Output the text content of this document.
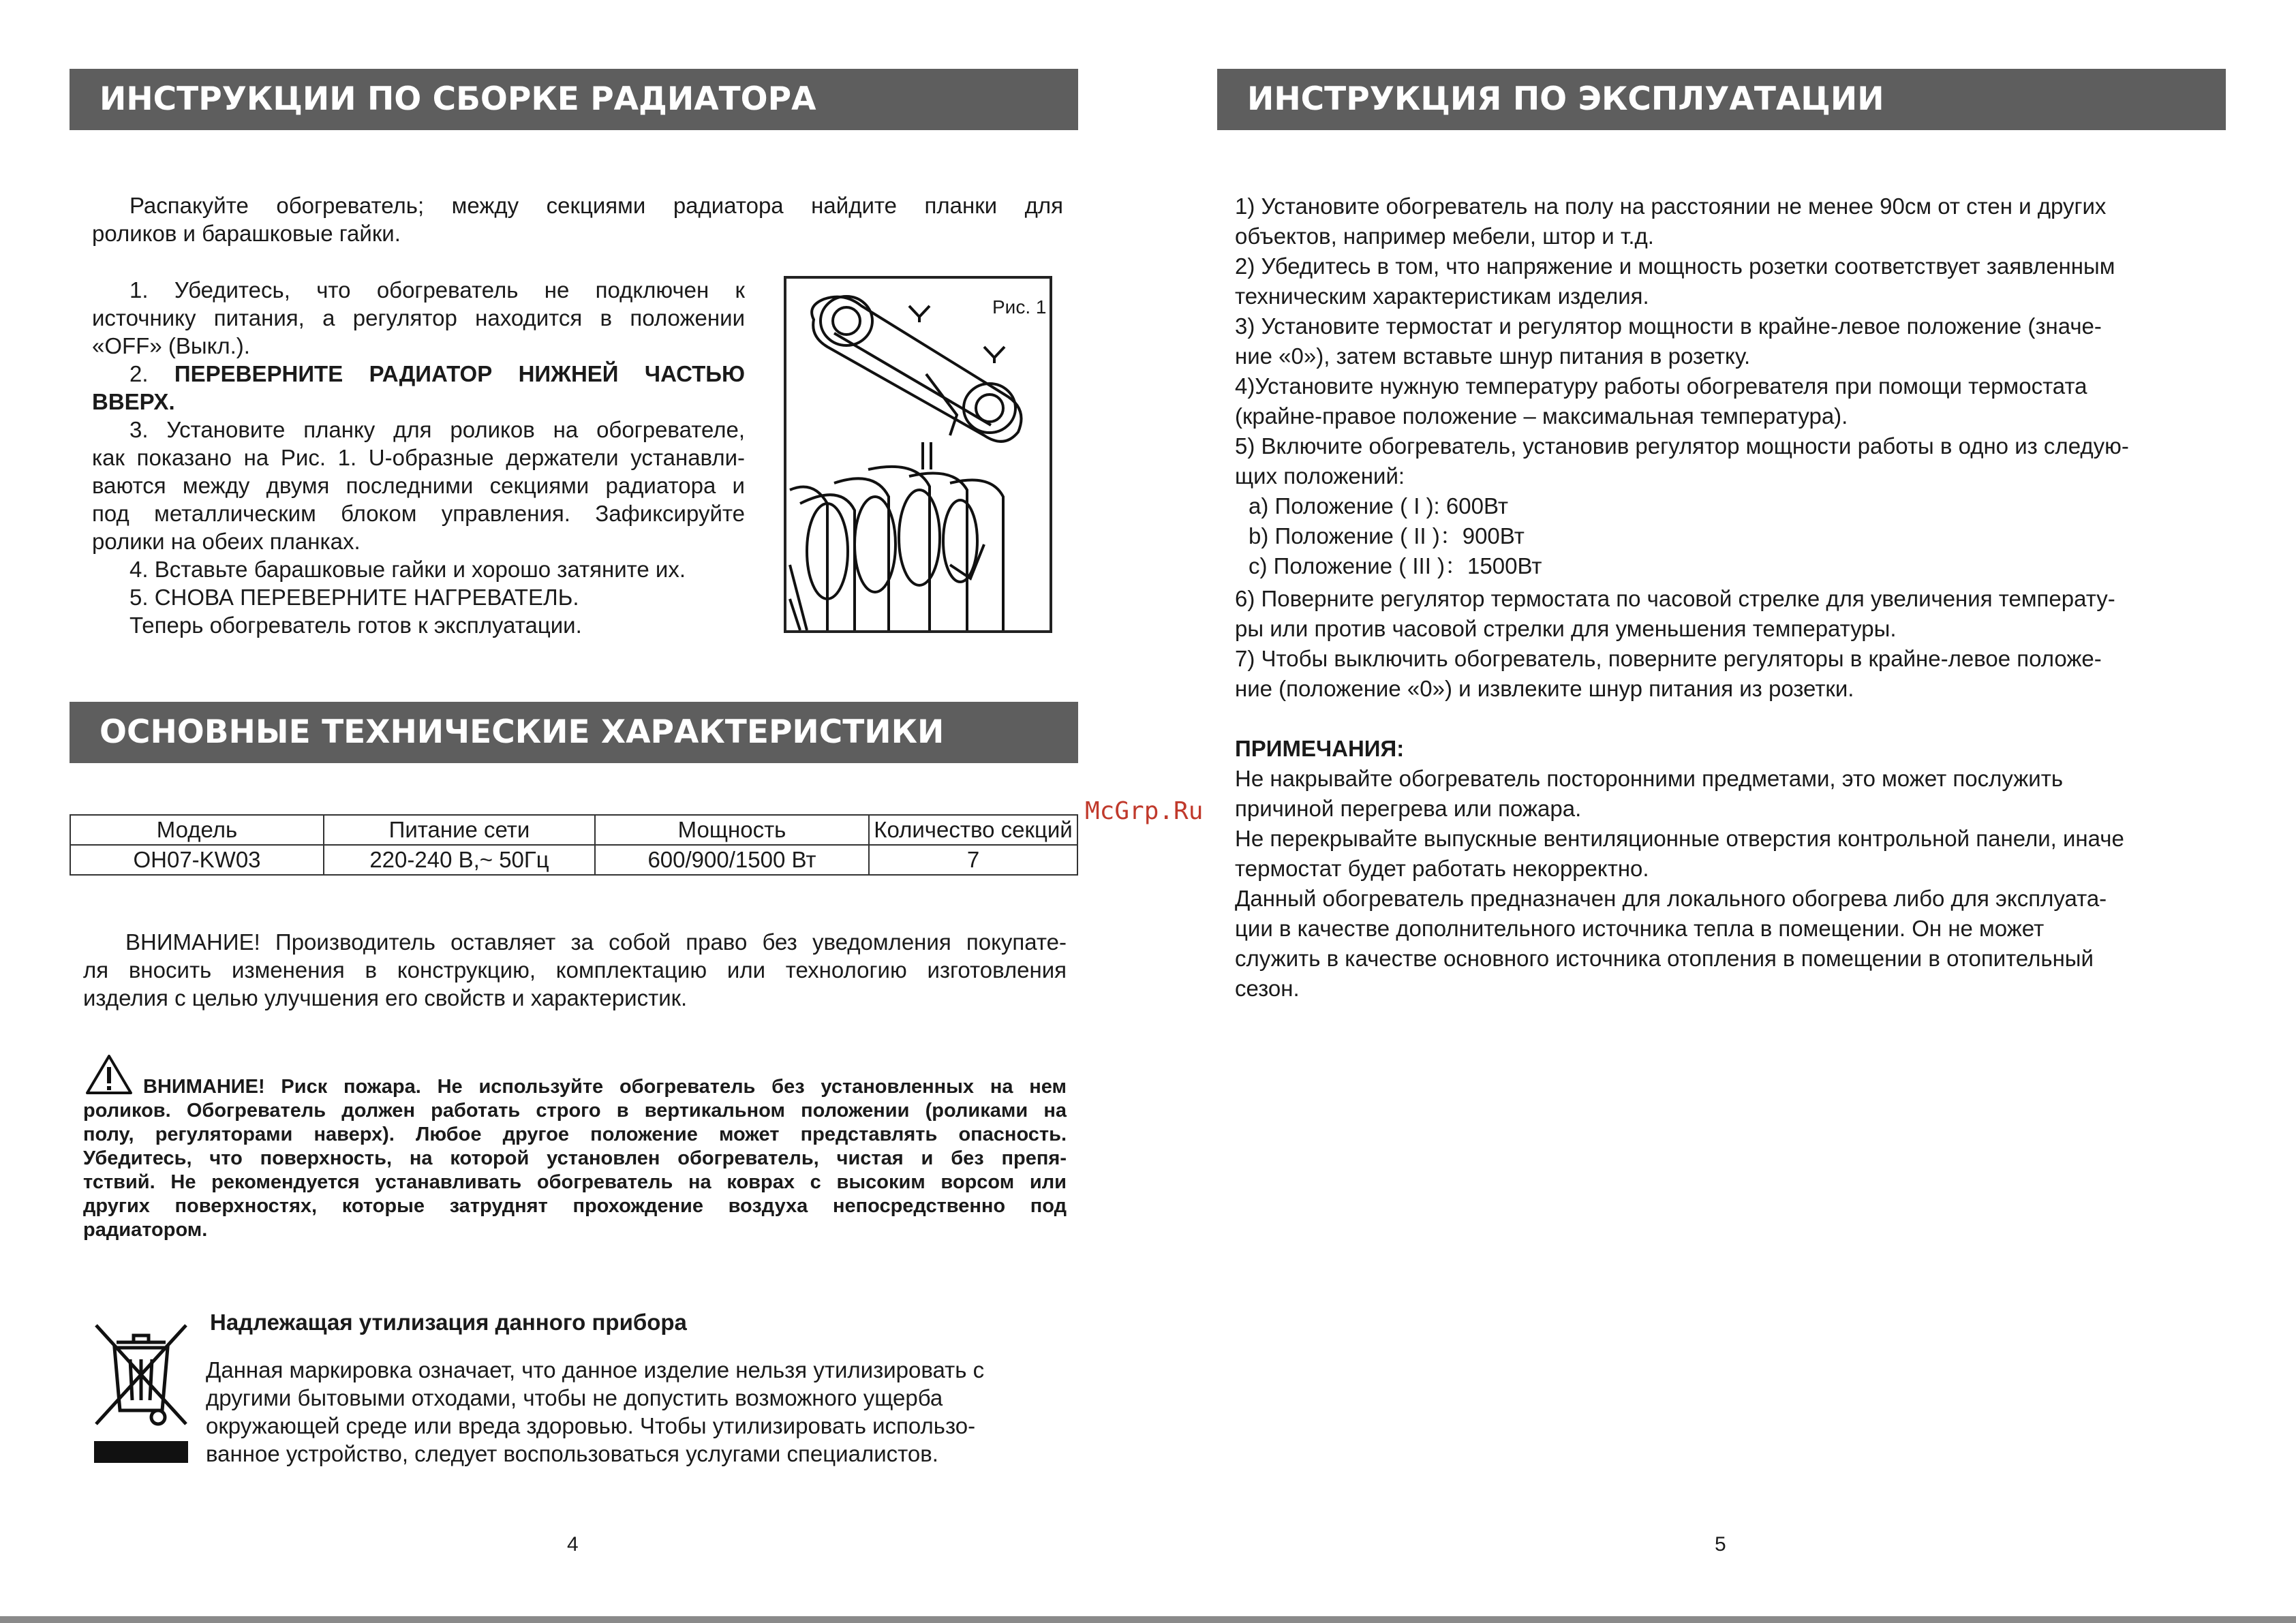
ИНСТРУКЦИИ ПО СБОРКЕ РАДИАТОРА
Распакуйте обогреватель; между секциями радиатора найдите планки для
роликов и барашковые гайки.
1. Убедитесь, что обогреватель не подключен к
источнику питания, а регулятор находится в положении
«OFF» (Выкл.).
2. ПЕРЕВЕРНИТЕ РАДИАТОР НИЖНЕЙ ЧАСТЬЮ
ВВЕРХ.
3. Установите планку для роликов на обогревателе,
как показано на Рис. 1. U-образные держатели устанавли-
ваются между двумя последними секциями радиатора и
под металлическим блоком управления. Зафиксируйте
ролики на обеих планках.
4. Вставьте барашковые гайки и хорошо затяните их.
5. СНОВА ПЕРЕВЕРНИТЕ НАГРЕВАТЕЛЬ.
Теперь обогреватель готов к эксплуатации.
Рис. 1
ОСНОВНЫЕ ТЕХНИЧЕСКИЕ ХАРАКТЕРИСТИКИ
Модель	Питание сети	Мощность	Количество секций
OH07-KW03	220-240 В,~ 50Гц	600/900/1500 Вт	7
ВНИМАНИЕ! Производитель оставляет за собой право без уведомления покупате-
ля вносить изменения в конструкцию, комплектацию или технологию изготовления
изделия с целью улучшения его свойств и характеристик.
ВНИМАНИЕ! Риск пожара. Не используйте обогреватель без установленных на нем
роликов. Обогреватель должен работать строго в вертикальном положении (роликами на
полу, регуляторами наверх). Любое другое положение может представлять опасность.
Убедитесь, что поверхность, на которой установлен обогреватель, чистая и без препя-
тствий. Не рекомендуется устанавливать обогреватель на коврах с высоким ворсом или
других поверхностях, которые затруднят прохождение воздуха непосредственно под
радиатором.
Надлежащая утилизация данного прибора
Данная маркировка означает, что данное изделие нельзя утилизировать с
другими бытовыми отходами, чтобы не допустить возможного ущерба
окружающей среде или вреда здоровью. Чтобы утилизировать использо-
ванное устройство, следует воспользоваться услугами специалистов.
4
McGrp.Ru
ИНСТРУКЦИЯ ПО ЭКСПЛУАТАЦИИ
1) Установите обогреватель на полу на расстоянии не менее 90см от стен и других
объектов, например мебели, штор и т.д.
2) Убедитесь в том, что напряжение и мощность розетки соответствует заявленным
техническим характеристикам изделия.
3) Установите термостат и регулятор мощности в крайне-левое положение (значе-
ние «0»), затем вставьте шнур питания в розетку.
4)Установите нужную температуру работы обогревателя при помощи термостата
(крайне-правое положение – максимальная температура).
5) Включите обогреватель, установив регулятор мощности работы в одно из следую-
щих положений:
a) Положение ( I ): 600Вт
b) Положение ( II )：900Вт
c) Положение ( III )：1500Вт
6) Поверните регулятор термостата по часовой стрелке для увеличения температу-
ры или против часовой стрелки для уменьшения температуры.
7) Чтобы выключить обогреватель, поверните регуляторы в крайне-левое положе-
ние (положение «0») и извлеките шнур питания из розетки.
ПРИМЕЧАНИЯ:
Не накрывайте обогреватель посторонними предметами, это может послужить
причиной перегрева или пожара.
Не перекрывайте выпускные вентиляционные отверстия контрольной панели, иначе
термостат будет работать некорректно.
Данный обогреватель предназначен для локального обогрева либо для эксплуата-
ции в качестве дополнительного источника тепла в помещении. Он не может
служить в качестве основного источника отопления в помещении в отопительный
сезон.
5
